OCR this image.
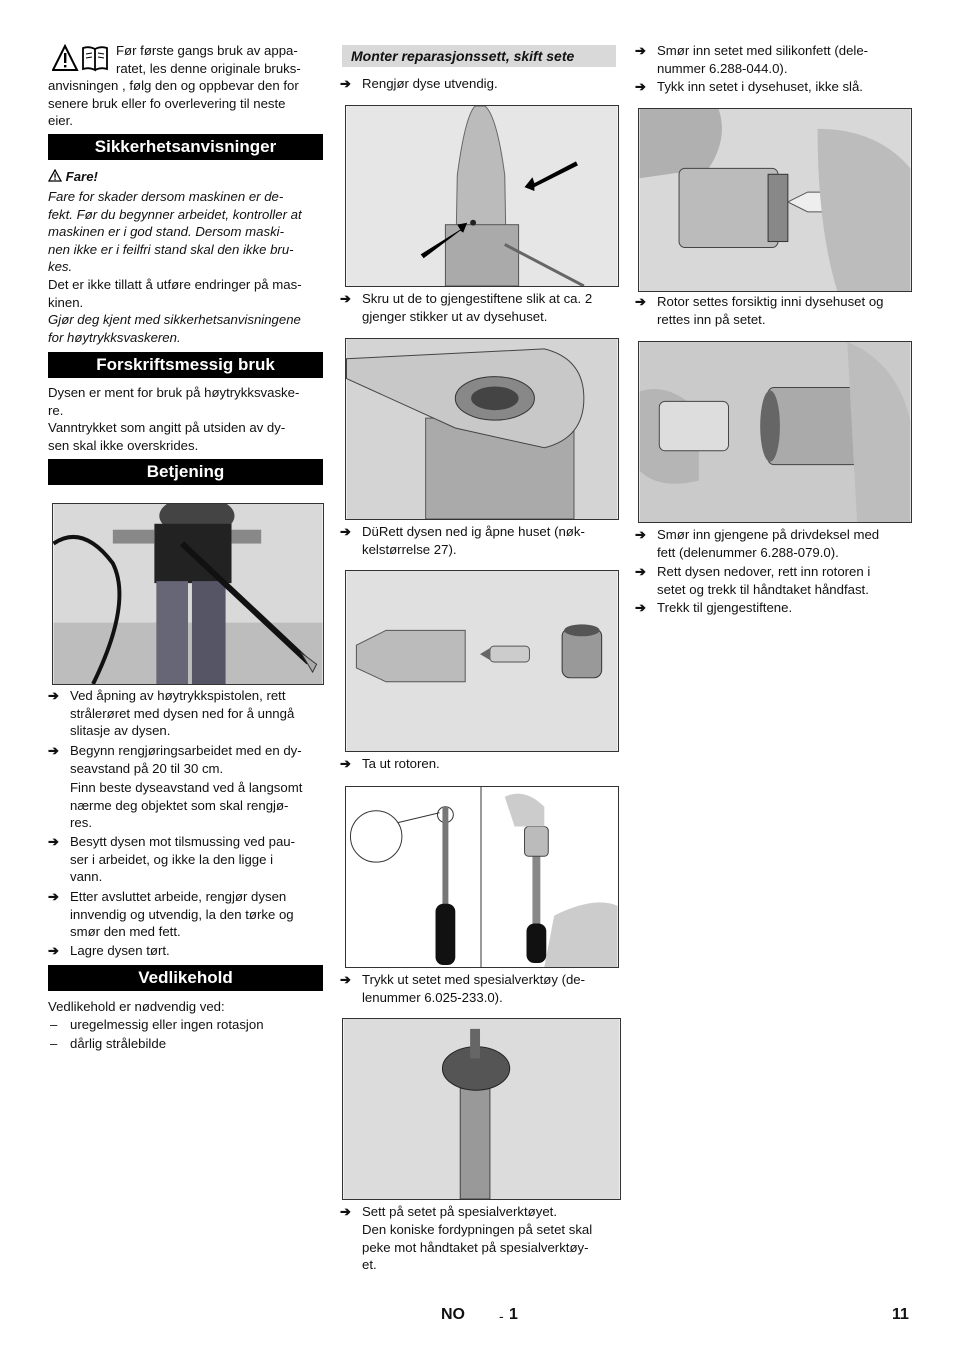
Før første gangs bruk av appa-

ratet, les denne originale bruks-

anvisningen , følg den og oppbevar den for

senere bruk eller fo overlevering til neste

eier.

Sikkerhetsanvisninger
Fare!

Fare for skader dersom maskinen er de-

fekt. Før du begynner arbeidet, kontroller at

maskinen er i god stand. Dersom maski-

nen ikke er i feilfri stand skal den ikke bru-

kes.

Det er ikke tillatt å utføre endringer på mas-

kinen.

Gjør deg kjent med sikkerhetsanvisningene

for høytrykksvaskeren.

Forskriftsmessig bruk

Dysen er ment for bruk på høytrykksvaske-

re.

Vanntrykket som angitt på utsiden av dy-

sen skal ikke overskrides.

Betjening
➔ Ved åpning av høytrykkspistolen, rett
strålerøret med dysen ned for å unngå
slitasje av dysen.
➔ Begynn rengjøringsarbeidet med en dy-
seavstand på 20 til 30 cm.
Finn beste dyseavstand ved å langsomt
nærme deg objektet som skal rengjø-
res.
➔ Besytt dysen mot tilsmussing ved pau-
ser i arbeidet, og ikke la den ligge i
vann.
➔ Etter avsluttet arbeide, rengjør dysen
innvendig og utvendig, la den tørke og
smør den med fett.
➔ Lagre dysen tørt.
Vedlikehold

Vedlikehold er nødvendig ved:

– uregelmessig eller ingen rotasjon
– dårlig strålebilde
Monter reparasjonssett, skift sete
➔ Rengjør dyse utvendig.
➔ Skru ut de to gjengestiftene slik at ca. 2
gjenger stikker ut av dysehuset.
➔ DüRett dysen ned ig åpne huset (nøk-
kelstørrelse 27).
➔ Ta ut rotoren.
➔ Trykk ut setet med spesialverktøy (de-
lenummer 6.025-233.0).
➔ Sett på setet på spesialverktøyet.
Den koniske fordypningen på setet skal
peke mot håndtaket på spesialverktøy-
et.
➔ Smør inn setet med silikonfett (dele-
nummer 6.288-044.0).
➔ Tykk inn setet i dysehuset, ikke slå.
➔ Rotor settes forsiktig inni dysehuset og
rettes inn på setet.
➔ Smør inn gjengene på drivdeksel med
fett (delenummer 6.288-079.0).
➔ Rett dysen nedover, rett inn rotoren i
setet og trekk til håndtaket håndfast.
➔ Trekk til gjengestiftene.
NO - 1	11
